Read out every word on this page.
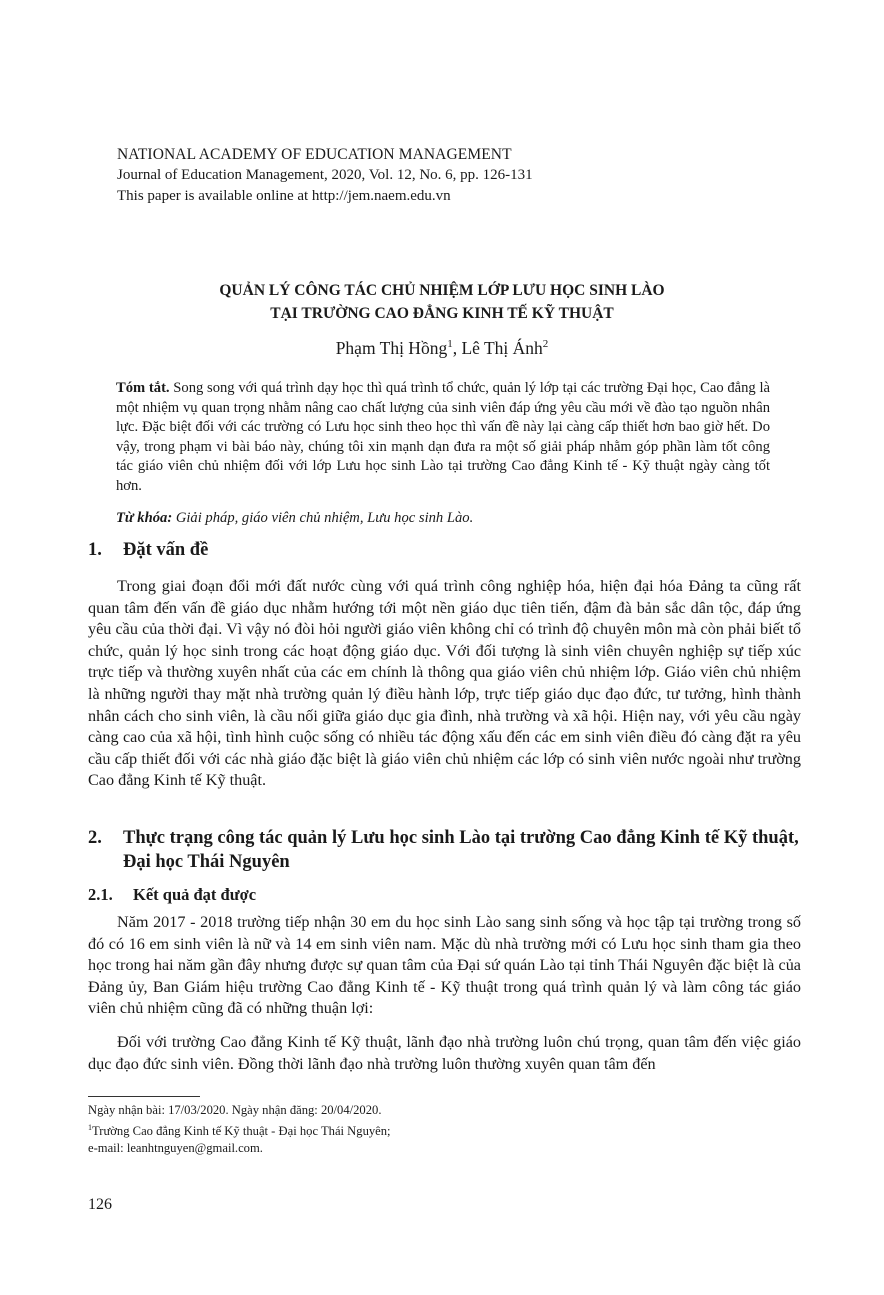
NATIONAL ACADEMY OF EDUCATION MANAGEMENT
Journal of Education Management, 2020, Vol. 12, No. 6, pp. 126-131
This paper is available online at http://jem.naem.edu.vn
QUẢN LÝ CÔNG TÁC CHỦ NHIỆM LỚP LƯU HỌC SINH LÀO
TẠI TRƯỜNG CAO ĐẲNG KINH TẾ KỸ THUẬT
Phạm Thị Hồng$^1$, Lê Thị Ánh$^2$
Tóm tắt. Song song với quá trình dạy học thì quá trình tổ chức, quản lý lớp tại các trường Đại học, Cao đẳng là một nhiệm vụ quan trọng nhằm nâng cao chất lượng của sinh viên đáp ứng yêu cầu mới về đào tạo nguồn nhân lực. Đặc biệt đối với các trường có Lưu học sinh theo học thì vấn đề này lại càng cấp thiết hơn bao giờ hết. Do vậy, trong phạm vi bài báo này, chúng tôi xin mạnh dạn đưa ra một số giải pháp nhằm góp phần làm tốt công tác giáo viên chủ nhiệm đối với lớp Lưu học sinh Lào tại trường Cao đẳng Kinh tế - Kỹ thuật ngày càng tốt hơn.
Từ khóa: Giải pháp, giáo viên chủ nhiệm, Lưu học sinh Lào.
1. Đặt vấn đề
Trong giai đoạn đổi mới đất nước cùng với quá trình công nghiệp hóa, hiện đại hóa Đảng ta cũng rất quan tâm đến vấn đề giáo dục nhằm hướng tới một nền giáo dục tiên tiến, đậm đà bản sắc dân tộc, đáp ứng yêu cầu của thời đại. Vì vậy nó đòi hỏi người giáo viên không chỉ có trình độ chuyên môn mà còn phải biết tổ chức, quản lý học sinh trong các hoạt động giáo dục. Với đối tượng là sinh viên chuyên nghiệp sự tiếp xúc trực tiếp và thường xuyên nhất của các em chính là thông qua giáo viên chủ nhiệm lớp. Giáo viên chủ nhiệm là những người thay mặt nhà trường quản lý điều hành lớp, trực tiếp giáo dục đạo đức, tư tưởng, hình thành nhân cách cho sinh viên, là cầu nối giữa giáo dục gia đình, nhà trường và xã hội. Hiện nay, với yêu cầu ngày càng cao của xã hội, tình hình cuộc sống có nhiều tác động xấu đến các em sinh viên điều đó càng đặt ra yêu cầu cấp thiết đối với các nhà giáo đặc biệt là giáo viên chủ nhiệm các lớp có sinh viên nước ngoài như trường Cao đẳng Kinh tế Kỹ thuật.
2.	Thực trạng công tác quản lý Lưu học sinh Lào tại trường Cao đẳng Kinh tế Kỹ thuật, Đại học Thái Nguyên
2.1. Kết quả đạt được
Năm 2017 - 2018 trường tiếp nhận 30 em du học sinh Lào sang sinh sống và học tập tại trường trong số đó có 16 em sinh viên là nữ và 14 em sinh viên nam. Mặc dù nhà trường mới có Lưu học sinh tham gia theo học trong hai năm gần đây nhưng được sự quan tâm của Đại sứ quán Lào tại tỉnh Thái Nguyên đặc biệt là của Đảng ủy, Ban Giám hiệu trường Cao đẳng Kinh tế - Kỹ thuật trong quá trình quản lý và làm công tác giáo viên chủ nhiệm cũng đã có những thuận lợi:
Đối với trường Cao đẳng Kinh tế Kỹ thuật, lãnh đạo nhà trường luôn chú trọng, quan tâm đến việc giáo dục đạo đức sinh viên. Đồng thời lãnh đạo nhà trường luôn thường xuyên quan tâm đến
Ngày nhận bài: 17/03/2020. Ngày nhận đăng: 20/04/2020.
$^1$Trường Cao đẳng Kinh tế Kỹ thuật - Đại học Thái Nguyên;
e-mail: leanhtnguyen@gmail.com.
126
